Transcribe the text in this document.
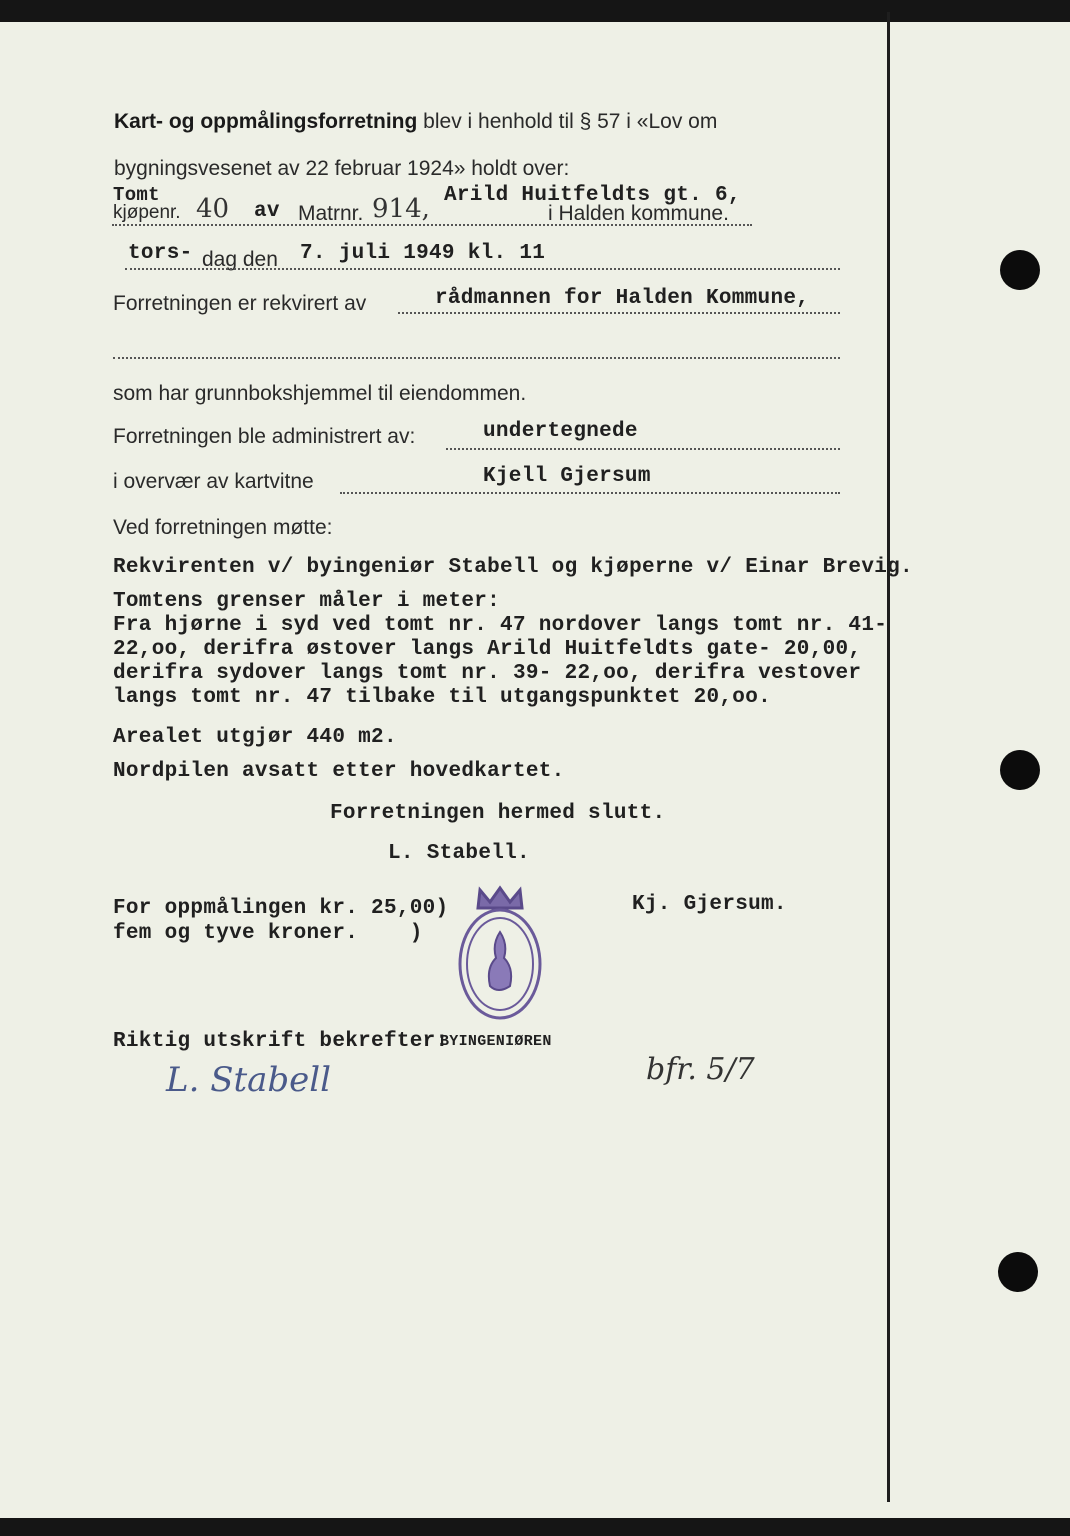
Kart- og oppmålingsforretning blev i henhold til § 57 i «Lov om
bygningsvesenet av 22 februar 1924» holdt over:
Tomt	Arild Huitfeldts gt. 6,
kjøpenr. 40 av Matrnr. 914,	i Halden kommune.
tors- dag den 7. juli 1949 kl. 11
Forretningen er rekvirert av	rådmannen for Halden Kommune,
som har grunnbokshjemmel til eiendommen.
Forretningen ble administrert av:	undertegnede
i overvær av kartvitne	Kjell Gjersum
Ved forretningen møtte:
Rekvirenten v/ byingeniør Stabell og kjøperne v/ Einar Brevig.
Tomtens grenser måler i meter:
Fra hjørne i syd ved tomt nr. 47 nordover langs tomt nr. 41-
22,oo, derifra østover langs Arild Huitfeldts gate- 20,00,
derifra sydover langs tomt nr. 39- 22,oo, derifra vestover
langs tomt nr. 47 tilbake til utgangspunktet 20,oo.
Arealet utgjør 440 m2.
Nordpilen avsatt etter hovedkartet.
Forretningen hermed slutt.
L. Stabell.
For oppmålingen kr. 25,00)
fem og tyve kroner.    )
Kj. Gjersum.
Riktig utskrift bekrefter:
BYINGENIØREN
L. Stabell	bfr. 5/7
